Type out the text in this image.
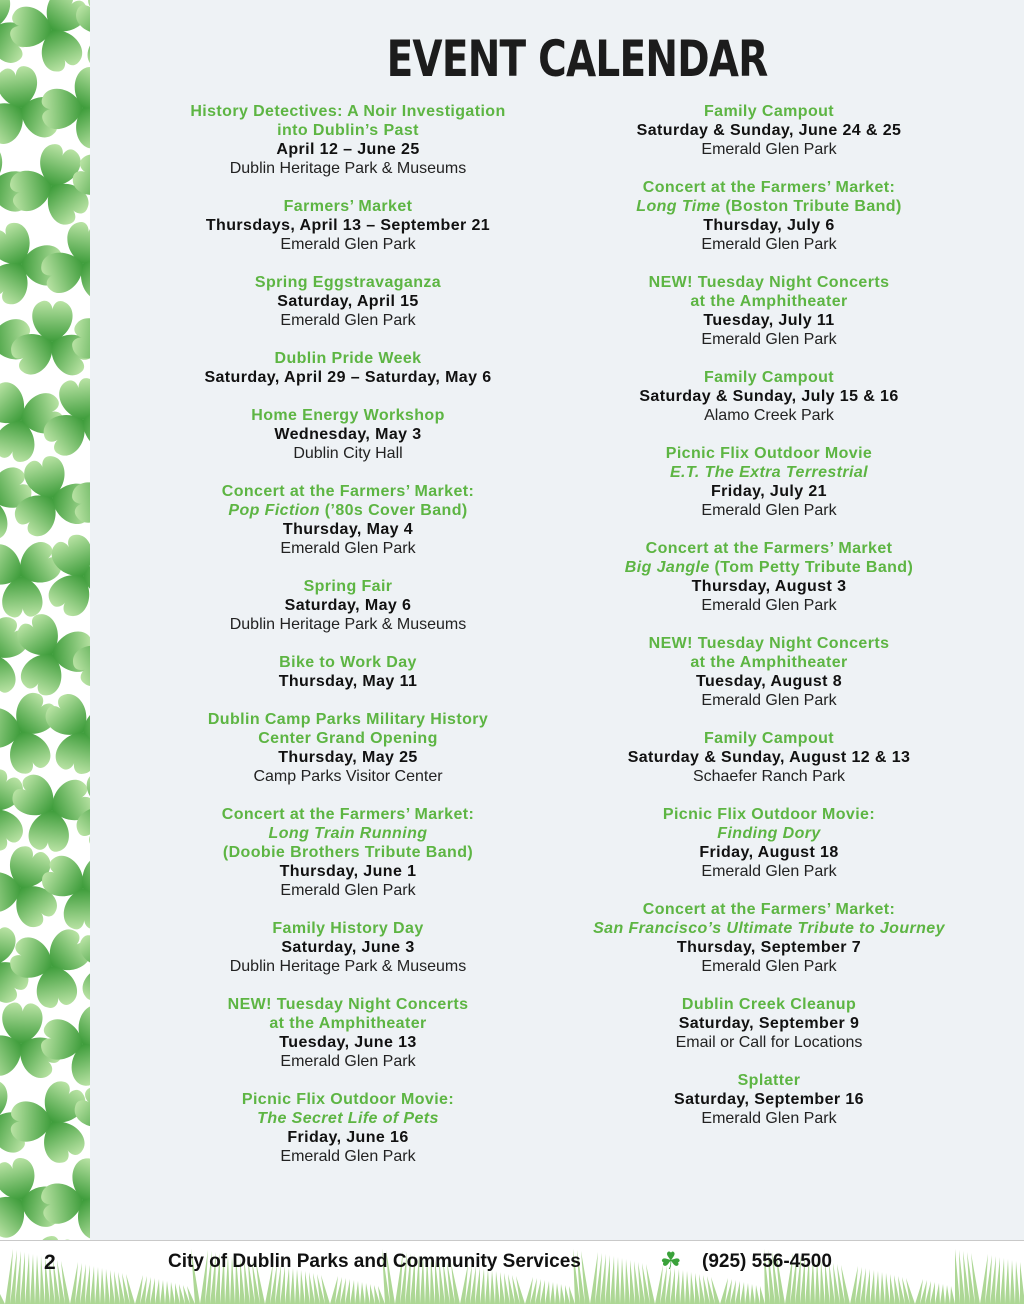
EVENT CALENDAR
History Detectives: A Noir Investigation
into Dublin’s Past
April 12 – June 25
Dublin Heritage Park & Museums
Farmers’ Market
Thursdays, April 13 – September 21
Emerald Glen Park
Spring Eggstravaganza
Saturday, April 15
Emerald Glen Park
Dublin Pride Week
Saturday, April 29 – Saturday, May 6
Home Energy Workshop
Wednesday, May 3
Dublin City Hall
Concert at the Farmers’ Market:
Pop Fiction (’80s Cover Band)
Thursday, May 4
Emerald Glen Park
Spring Fair
Saturday, May 6
Dublin Heritage Park & Museums
Bike to Work Day
Thursday, May 11
Dublin Camp Parks Military History
Center Grand Opening
Thursday, May 25
Camp Parks Visitor Center
Concert at the Farmers’ Market:
Long Train Running
(Doobie Brothers Tribute Band)
Thursday, June 1
Emerald Glen Park
Family History Day
Saturday, June 3
Dublin Heritage Park & Museums
NEW! Tuesday Night Concerts
at the Amphitheater
Tuesday, June 13
Emerald Glen Park
Picnic Flix Outdoor Movie:
The Secret Life of Pets
Friday, June 16
Emerald Glen Park
Family Campout
Saturday & Sunday, June 24 & 25
Emerald Glen Park
Concert at the Farmers’ Market:
Long Time (Boston Tribute Band)
Thursday, July 6
Emerald Glen Park
NEW! Tuesday Night Concerts
at the Amphitheater
Tuesday, July 11
Emerald Glen Park
Family Campout
Saturday & Sunday, July 15 & 16
Alamo Creek Park
Picnic Flix Outdoor Movie
E.T. The Extra Terrestrial
Friday, July 21
Emerald Glen Park
Concert at the Farmers’ Market
Big Jangle (Tom Petty Tribute Band)
Thursday, August 3
Emerald Glen Park
NEW! Tuesday Night Concerts
at the Amphitheater
Tuesday, August 8
Emerald Glen Park
Family Campout
Saturday & Sunday, August 12 & 13
Schaefer Ranch Park
Picnic Flix Outdoor Movie:
Finding Dory
Friday, August 18
Emerald Glen Park
Concert at the Farmers’ Market:
San Francisco’s Ultimate Tribute to Journey
Thursday, September 7
Emerald Glen Park
Dublin Creek Cleanup
Saturday, September 9
Email or Call for Locations
Splatter
Saturday, September 16
Emerald Glen Park
2	City of Dublin Parks and Community Services	☘ (925) 556-4500
